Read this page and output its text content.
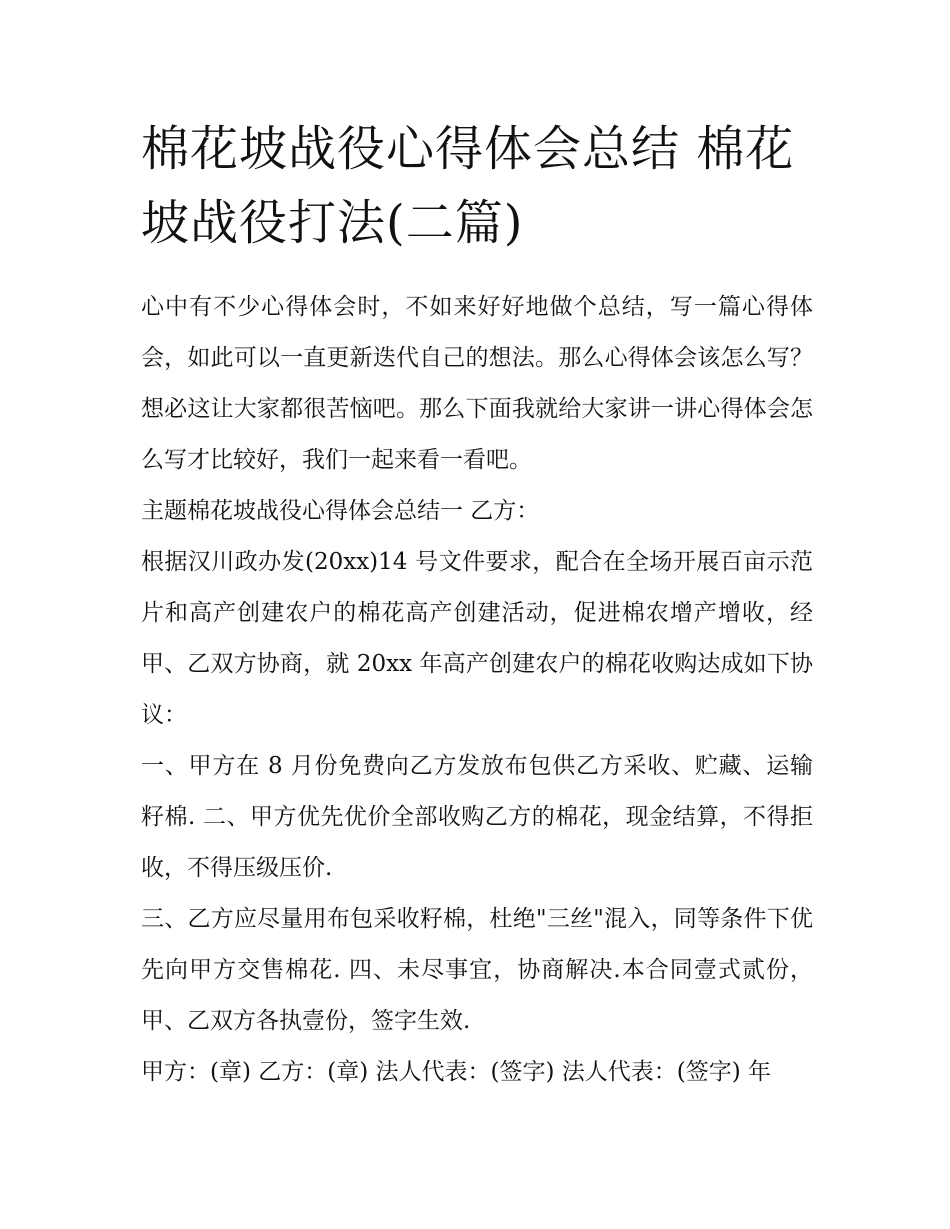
棉花坡战役心得体会总结 棉花坡战役打法(二篇)

心中有不少心得体会时，不如来好好地做个总结，写一篇心得体会，如此可以一直更新迭代自己的想法。那么心得体会该怎么写？想必这让大家都很苦恼吧。那么下面我就给大家讲一讲心得体会怎么写才比较好，我们一起来看一看吧。

主题棉花坡战役心得体会总结一 乙方：

根据汉川政办发(20xx)14 号文件要求，配合在全场开展百亩示范片和高产创建农户的棉花高产创建活动，促进棉农增产增收，经甲、乙双方协商，就 20xx 年高产创建农户的棉花收购达成如下协议：

一、甲方在 8 月份免费向乙方发放布包供乙方采收、贮藏、运输籽棉. 二、甲方优先优价全部收购乙方的棉花，现金结算，不得拒收，不得压级压价.

三、乙方应尽量用布包采收籽棉，杜绝"三丝"混入，同等条件下优先向甲方交售棉花. 四、未尽事宜，协商解决.本合同壹式贰份，甲、乙双方各执壹份，签字生效.

甲方：(章) 乙方：(章) 法人代表：(签字) 法人代表：(签字) 年
